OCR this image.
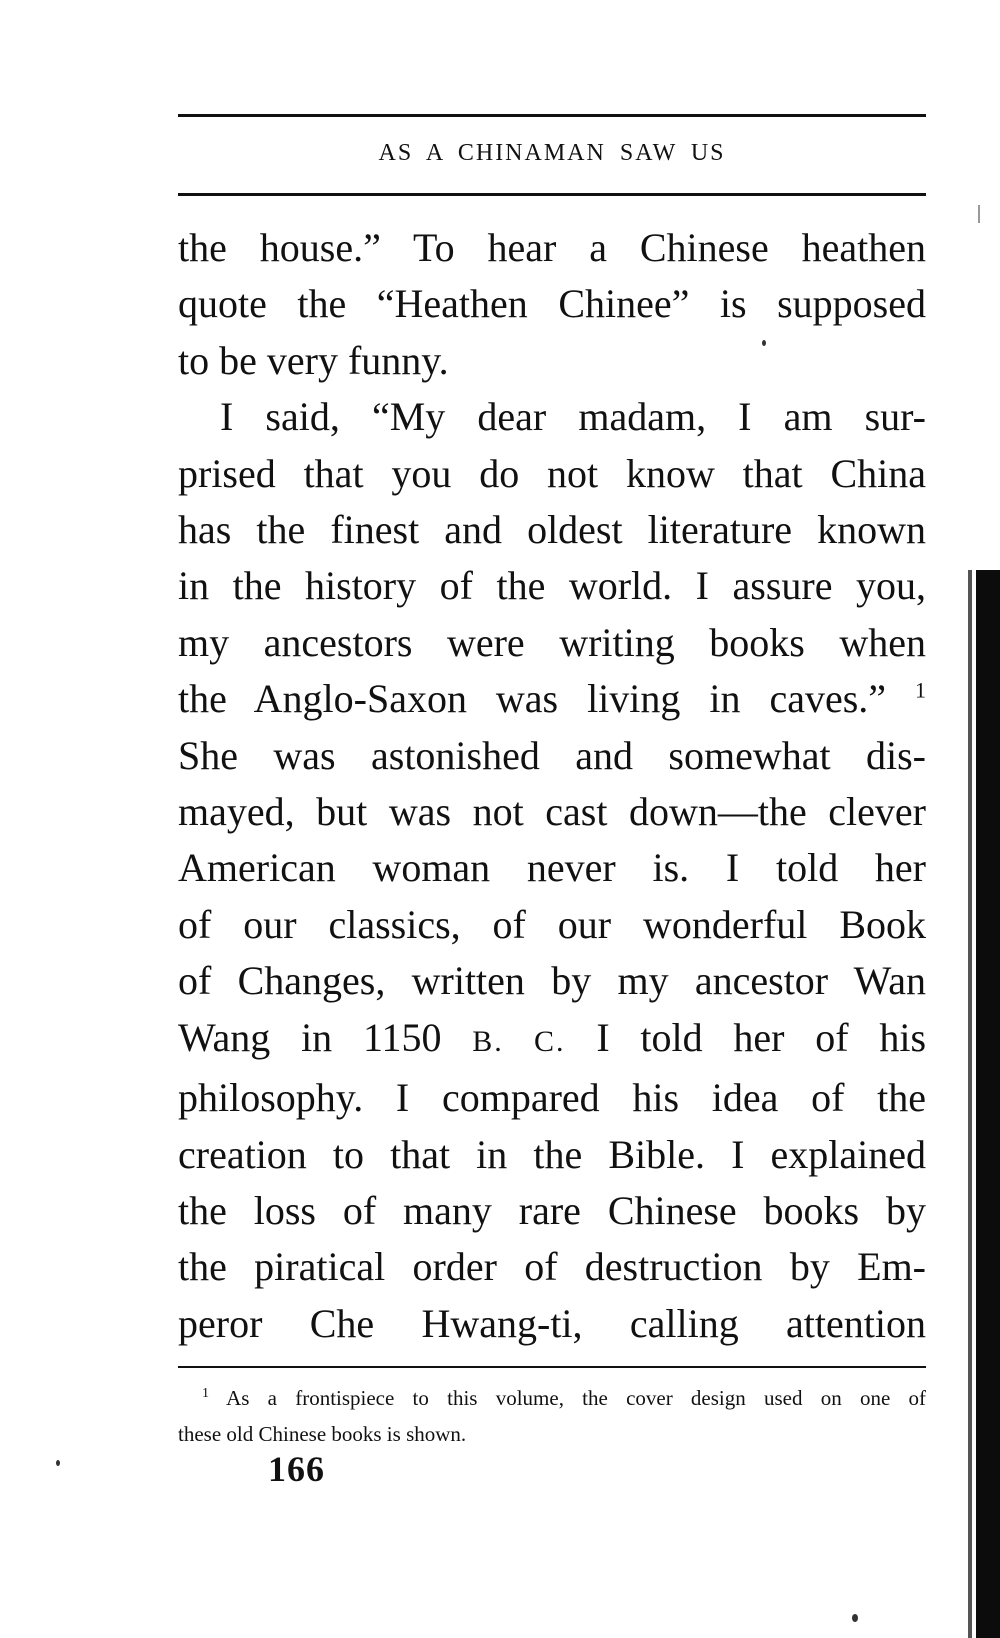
AS A CHINAMAN SAW US
the house.” To hear a Chinese heathen
quote the “Heathen Chinee” is supposed
to be very funny.
I said, “My dear madam, I am sur-
prised that you do not know that China
has the finest and oldest literature known
in the history of the world. I assure you,
my ancestors were writing books when
the Anglo-Saxon was living in caves.” $^1$
She was astonished and somewhat dis-
mayed, but was not cast down—the clever
American woman never is. I told her
of our classics, of our wonderful Book
of Changes, written by my ancestor Wan
Wang in 1150 B. C. I told her of his
philosophy. I compared his idea of the
creation to that in the Bible. I explained
the loss of many rare Chinese books by
the piratical order of destruction by Em-
peror Che Hwang-ti, calling attention
$^1$ As a frontispiece to this volume, the cover design used on one of
these old Chinese books is shown.
166
